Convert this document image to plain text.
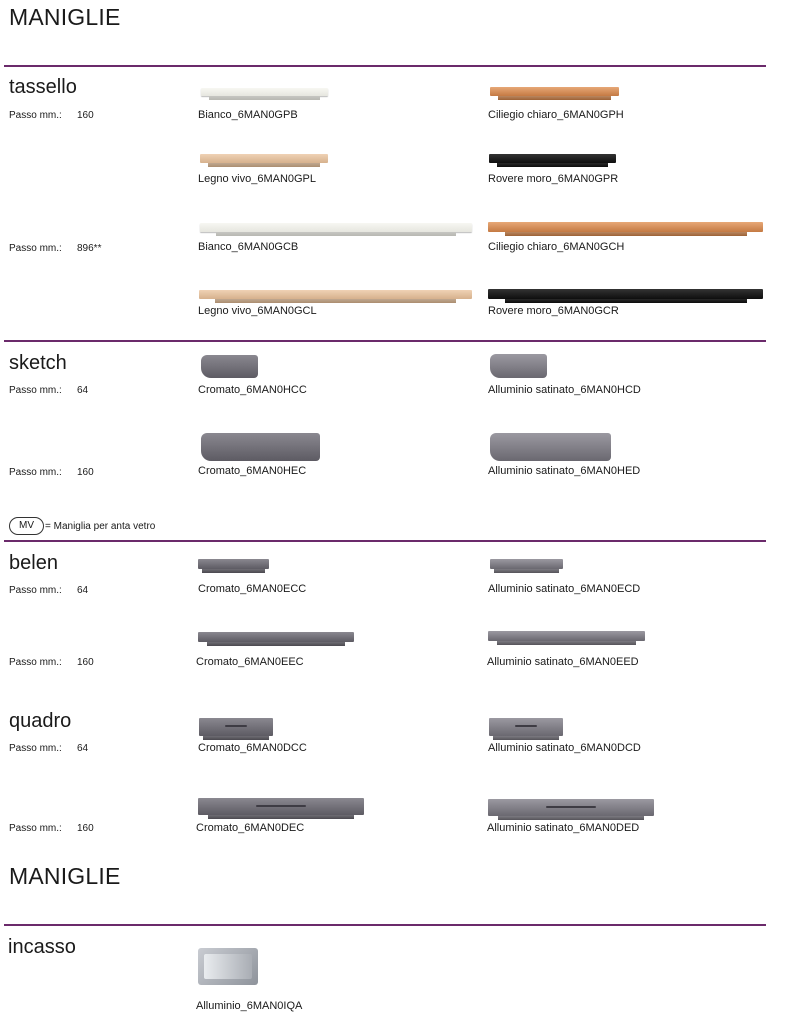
MANIGLIE
tassello
Passo mm.: 160	Bianco_6MAN0GPB	Ciliegio chiaro_6MAN0GPH
Legno vivo_6MAN0GPL	Rovere moro_6MAN0GPR
Passo mm.: 896**	Bianco_6MAN0GCB	Ciliegio chiaro_6MAN0GCH
Legno vivo_6MAN0GCL	Rovere moro_6MAN0GCR
sketch
Passo mm.: 64	Cromato_6MAN0HCC	Alluminio satinato_6MAN0HCD
Passo mm.: 160	Cromato_6MAN0HEC	Alluminio satinato_6MAN0HED
MV	= Maniglia per anta vetro
belen
Passo mm.: 64	Cromato_6MAN0ECC	Alluminio satinato_6MAN0ECD
Passo mm.: 160	Cromato_6MAN0EEC	Alluminio satinato_6MAN0EED
quadro
Passo mm.: 64	Cromato_6MAN0DCC	Alluminio satinato_6MAN0DCD
Passo mm.: 160	Cromato_6MAN0DEC	Alluminio satinato_6MAN0DED
MANIGLIE
incasso
Alluminio_6MAN0IQA
